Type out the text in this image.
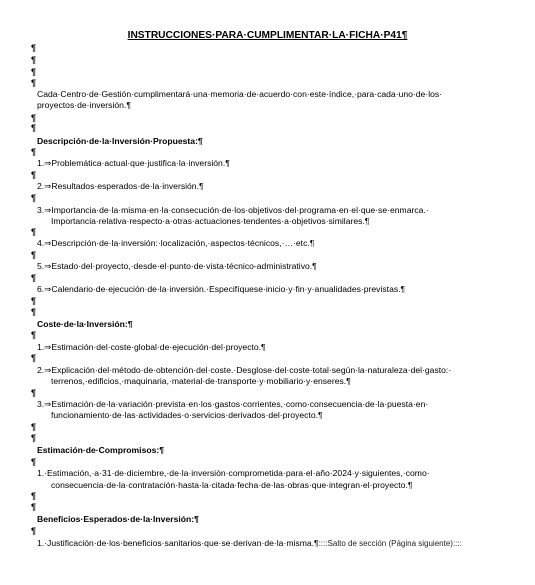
INSTRUCCIONES·PARA·CUMPLIMENTAR·LA·FICHA·P41¶
¶
¶
¶
¶
Cada·Centro·de·Gestión·cumplimentará·una·memoria·de·acuerdo·con·este·índice,·para·cada·uno·de·los·
proyectos·de·inversión.¶
¶
¶
Descripción·de·la·Inversión·Propuesta:¶
¶
1.⇒Problemática·actual·que·justifica·la·inversión.¶
¶
2.⇒Resultados·esperados·de·la·inversión.¶
¶
3.⇒Importancia·de·la·misma·en·la·consecución·de·los·objetivos·del·programa·en·el·que·se·enmarca.·
Importancia·relativa·respecto·a·otras·actuaciones·tendentes·a·objetivos·similares.¶
¶
4.⇒Descripción·de·la·inversión:·localización,·aspectos·técnicos,·…·etc.¶
¶
5.⇒Estado·del·proyecto,·desde·el·punto·de·vista·técnico-administrativo.¶
¶
6.⇒Calendario·de·ejecución·de·la·inversión.·Especifíquese·inicio·y·fin·y·anualidades·previstas.¶
¶
¶
Coste·de·la·Inversión:¶
¶
1.⇒Estimación·del·coste·global·de·ejecución·del·proyecto.¶
¶
2.⇒Explicación·del·método·de·obtención·del·coste.·Desglose·del·coste·total·según·la·naturaleza·del·gasto:·
terrenos,·edificios,·maquinaria,·material·de·transporte·y·mobiliario·y·enseres.¶
¶
3.⇒Estimación·de·la·variación·prevista·en·los·gastos·corrientes,·como·consecuencia·de·la·puesta·en·
funcionamiento·de·las·actividades·o·servicios·derivados·del·proyecto.¶
¶
¶
Estimación·de·Compromisos:¶
¶
1.·Estimación,·a·31·de·diciembre,·de·la·inversión·comprometida·para·el·año·2024·y·siguientes,·como·
consecuencia·de·la·contratación·hasta·la·citada·fecha·de·las·obras·que·integran·el·proyecto.¶
¶
¶
Beneficios·Esperados·de·la·Inversión:¶
¶
1.·Justificación·de·los·beneficios·sanitarios·que·se·derivan·de·la·misma.¶::::Salto de sección (Página siguiente)::::
